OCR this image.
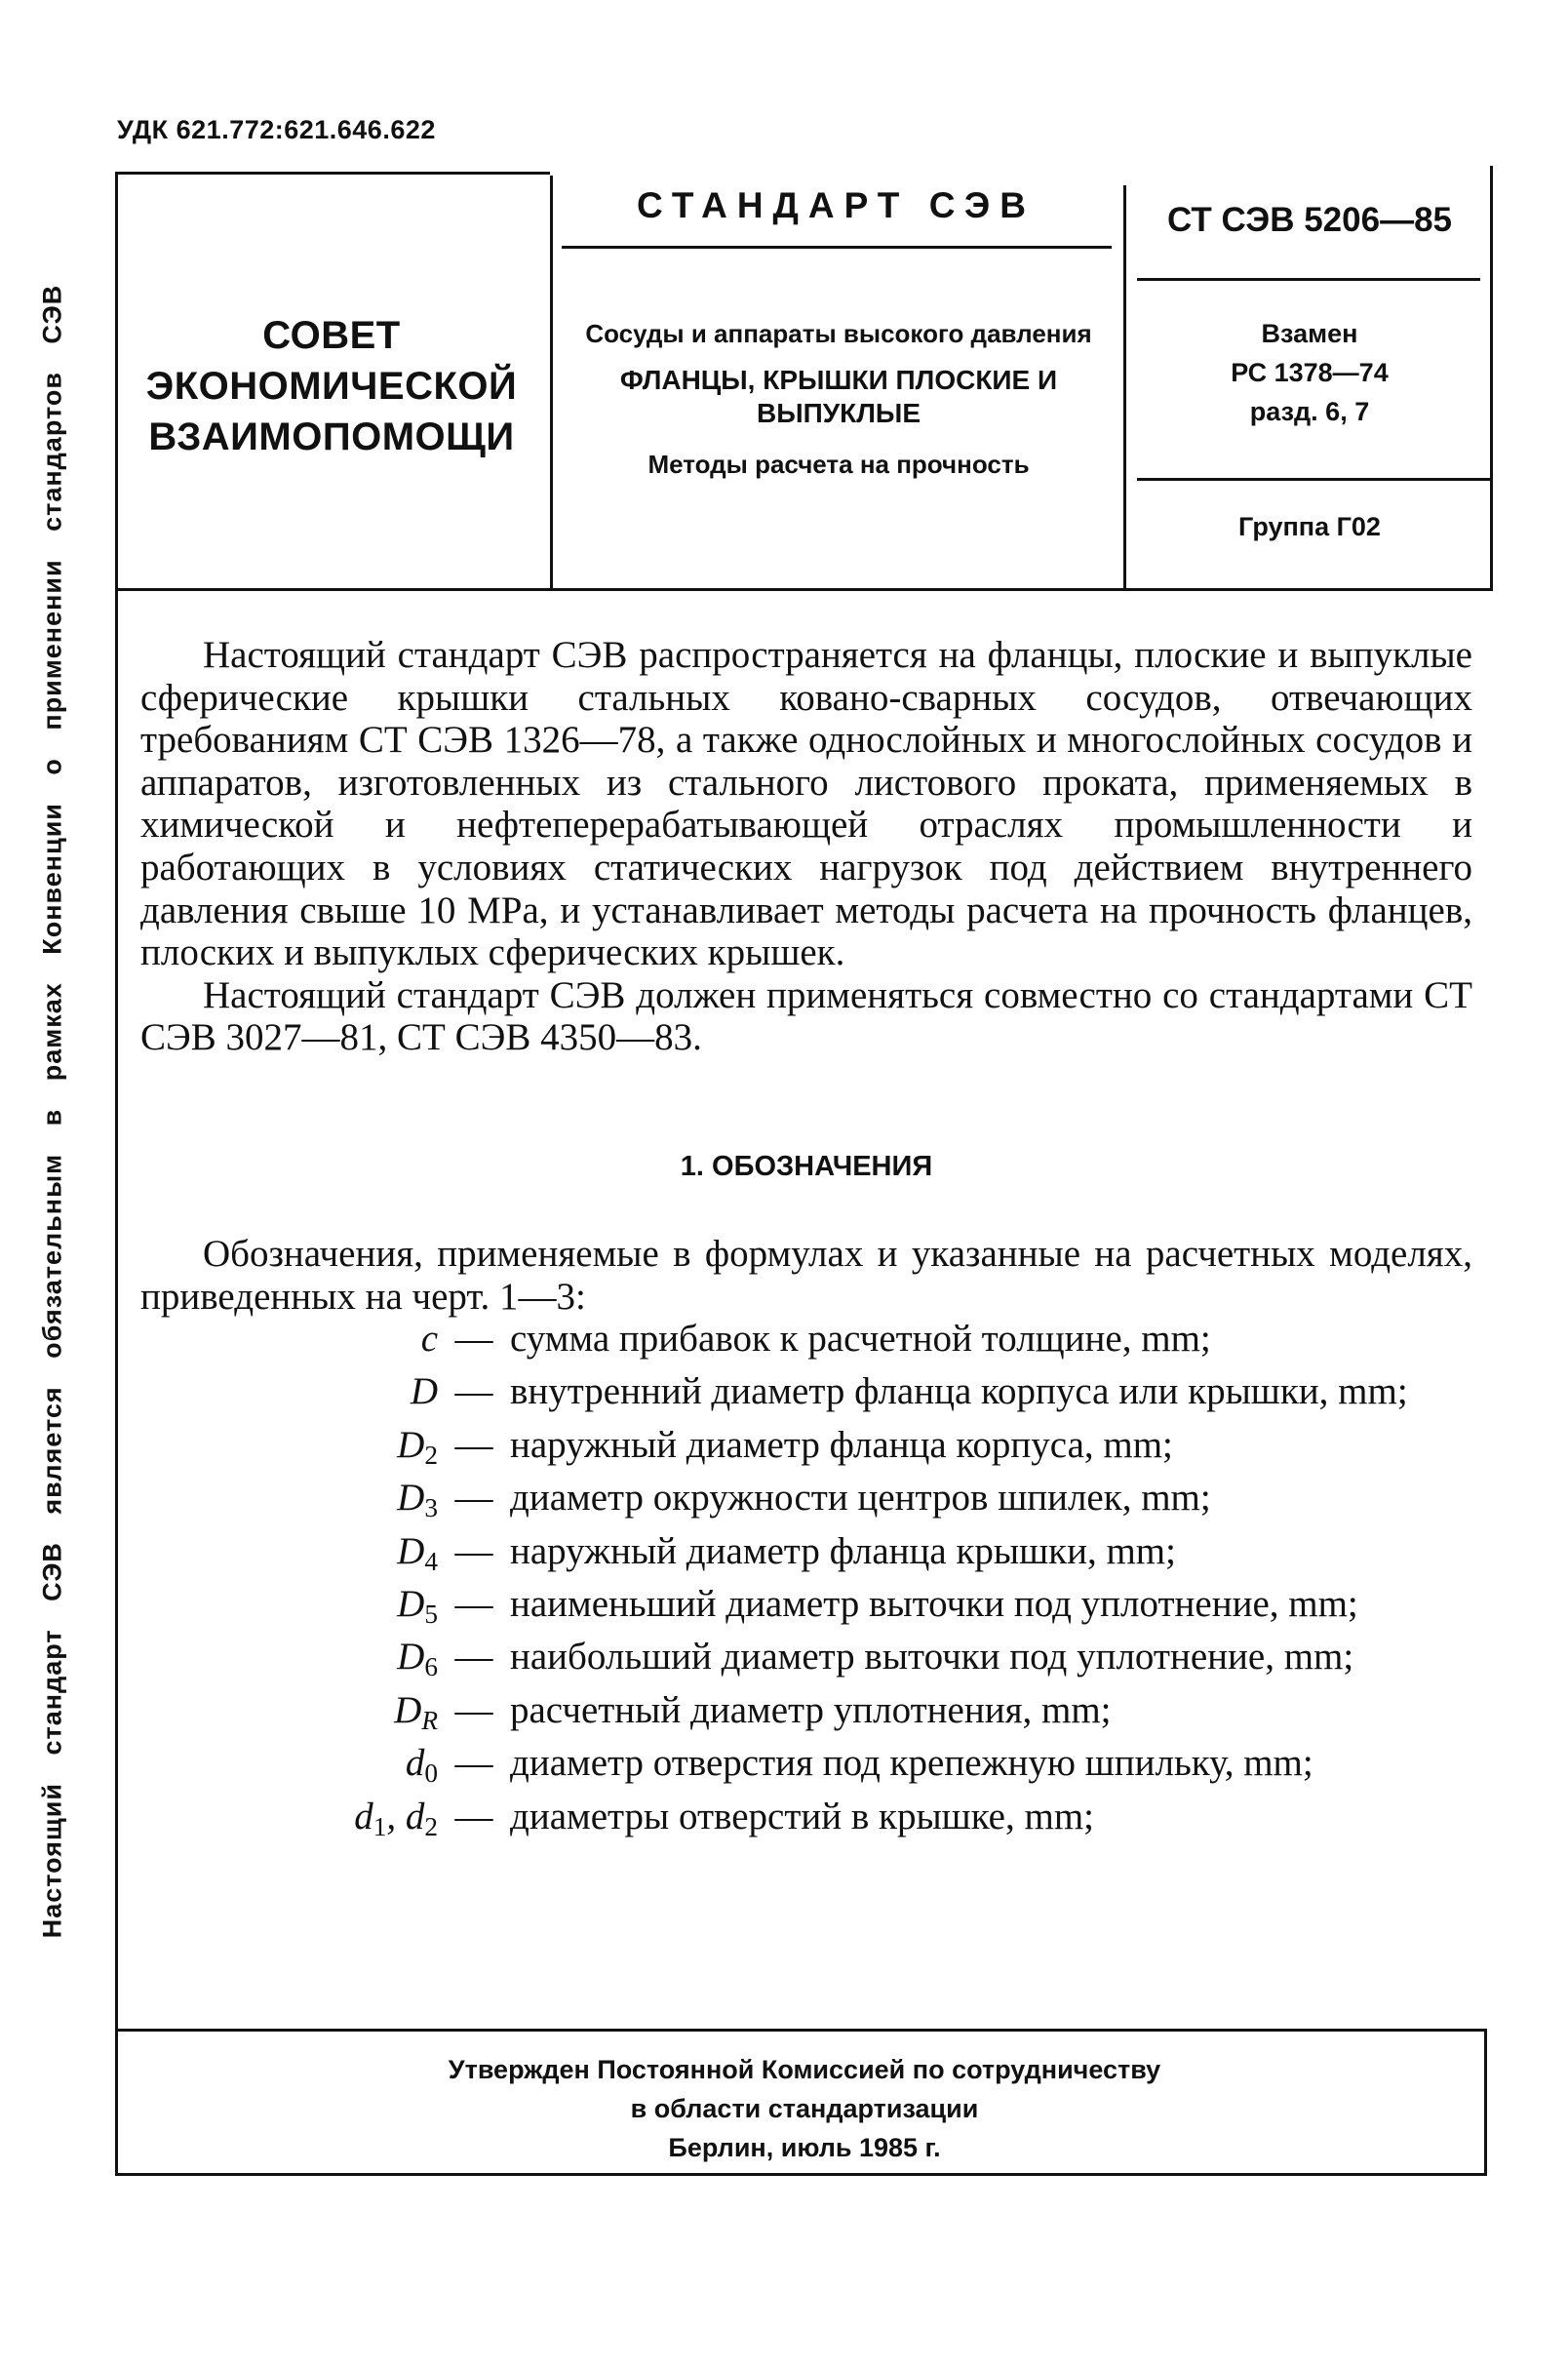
УДК 621.772:621.646.622
Настоящий стандарт СЭВ является обязательным в рамках Конвенции о применении стандартов СЭВ	СОВЕТ
ЭКОНОМИЧЕСКОЙ
ВЗАИМОПОМОЩИ
СТАНДАРТ СЭВ
Сосуды и аппараты высокого давления
ФЛАНЦЫ, КРЫШКИ ПЛОСКИЕ И ВЫПУКЛЫЕ
Методы расчета на прочность
СТ СЭВ 5206—85
Взамен
РС 1378—74
разд. 6, 7
Группа Г02

Настоящий стандарт СЭВ распространяется на фланцы, плоские и выпуклые сферические крышки стальных ковано-сварных сосудов, отвечающих требованиям СТ СЭВ 1326—78, а также однослойных и многослойных сосудов и аппаратов, изготовленных из стального листового проката, применяемых в химической и нефтеперерабатывающей отраслях промышленности и работающих в условиях статических нагрузок под действием внутреннего давления свыше 10 MPa, и устанавливает методы расчета на прочность фланцев, плоских и выпуклых сферических крышек.

Настоящий стандарт СЭВ должен применяться совместно со стандартами СТ СЭВ 3027—81, СТ СЭВ 4350—83.

1. ОБОЗНАЧЕНИЯ

Обозначения, применяемые в формулах и указанные на расчетных моделях, приведенных на черт. 1—3:

c — сумма прибавок к расчетной толщине, mm;
D — внутренний диаметр фланца корпуса или крышки, mm;
$D_2$ — наружный диаметр фланца корпуса, mm;
$D_3$ — диаметр окружности центров шпилек, mm;
$D_4$ — наружный диаметр фланца крышки, mm;
$D_5$ — наименьший диаметр выточки под уплотнение, mm;
$D_6$ — наибольший диаметр выточки под уплотнение, mm;
$D_R$ — расчетный диаметр уплотнения, mm;
$d_0$ — диаметр отверстия под крепежную шпильку, mm;
$d_1$, $d_2$ — диаметры отверстий в крышке, mm;
Утвержден Постоянной Комиссией по сотрудничеству
в области стандартизации
Берлин, июль 1985 г.
